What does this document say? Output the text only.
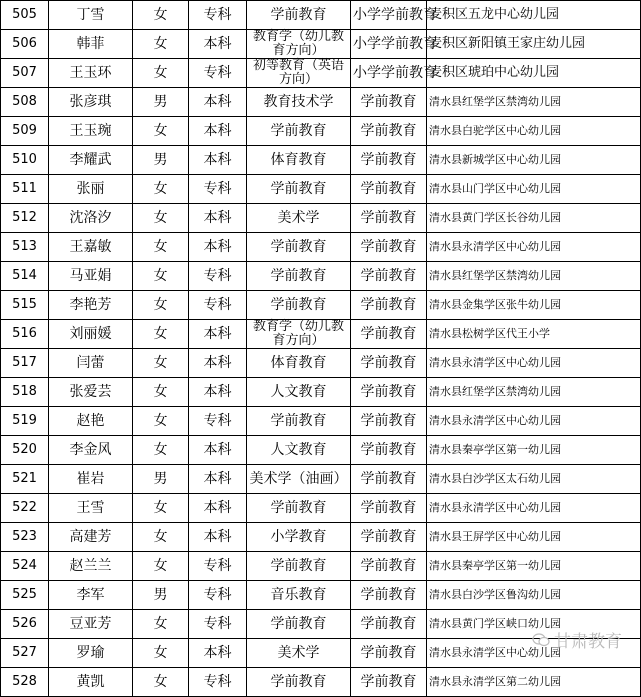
505	丁雪	女	专科	学前教育	小学学前教育	麦积区五龙中心幼儿园
506	韩菲	女	本科	教育学（幼儿教育方向）	小学学前教育	麦积区新阳镇王家庄幼儿园
507	王玉环	女	专科	初等教育（英语方向）	小学学前教育	麦积区琥珀中心幼儿园
508	张彦琪	男	本科	教育技术学	学前教育	清水县红堡学区禁湾幼儿园
509	王玉琬	女	本科	学前教育	学前教育	清水县白驼学区中心幼儿园
510	李耀武	男	本科	体育教育	学前教育	清水县新城学区中心幼儿园
511	张丽	女	专科	学前教育	学前教育	清水县山门学区中心幼儿园
512	沈洛汐	女	本科	美术学	学前教育	清水县黄门学区长谷幼儿园
513	王嘉敏	女	本科	学前教育	学前教育	清水县永清学区中心幼儿园
514	马亚娟	女	专科	学前教育	学前教育	清水县红堡学区禁湾幼儿园
515	李艳芳	女	专科	学前教育	学前教育	清水县金集学区张牛幼儿园
516	刘丽媛	女	本科	教育学（幼儿教育方向）	学前教育	清水县松树学区代王小学
517	闫蕾	女	本科	体育教育	学前教育	清水县永清学区中心幼儿园
518	张爱芸	女	本科	人文教育	学前教育	清水县红堡学区禁湾幼儿园
519	赵艳	女	专科	学前教育	学前教育	清水县永清学区中心幼儿园
520	李金风	女	本科	人文教育	学前教育	清水县秦亭学区第一幼儿园
521	崔岩	男	本科	美术学（油画）	学前教育	清水县白沙学区太石幼儿园
522	王雪	女	本科	学前教育	学前教育	清水县永清学区中心幼儿园
523	高建芳	女	本科	小学教育	学前教育	清水县王屏学区中心幼儿园
524	赵兰兰	女	专科	学前教育	学前教育	清水县秦亭学区第一幼儿园
525	李军	男	专科	音乐教育	学前教育	清水县白沙学区鲁沟幼儿园
526	豆亚芳	女	专科	学前教育	学前教育	清水县黄门学区峡口幼儿园
527	罗瑜	女	本科	美术学	学前教育	清水县永清学区中心幼儿园
528	黄凯	女	专科	学前教育	学前教育	清水县永清学区第二幼儿园
甘肃教育
